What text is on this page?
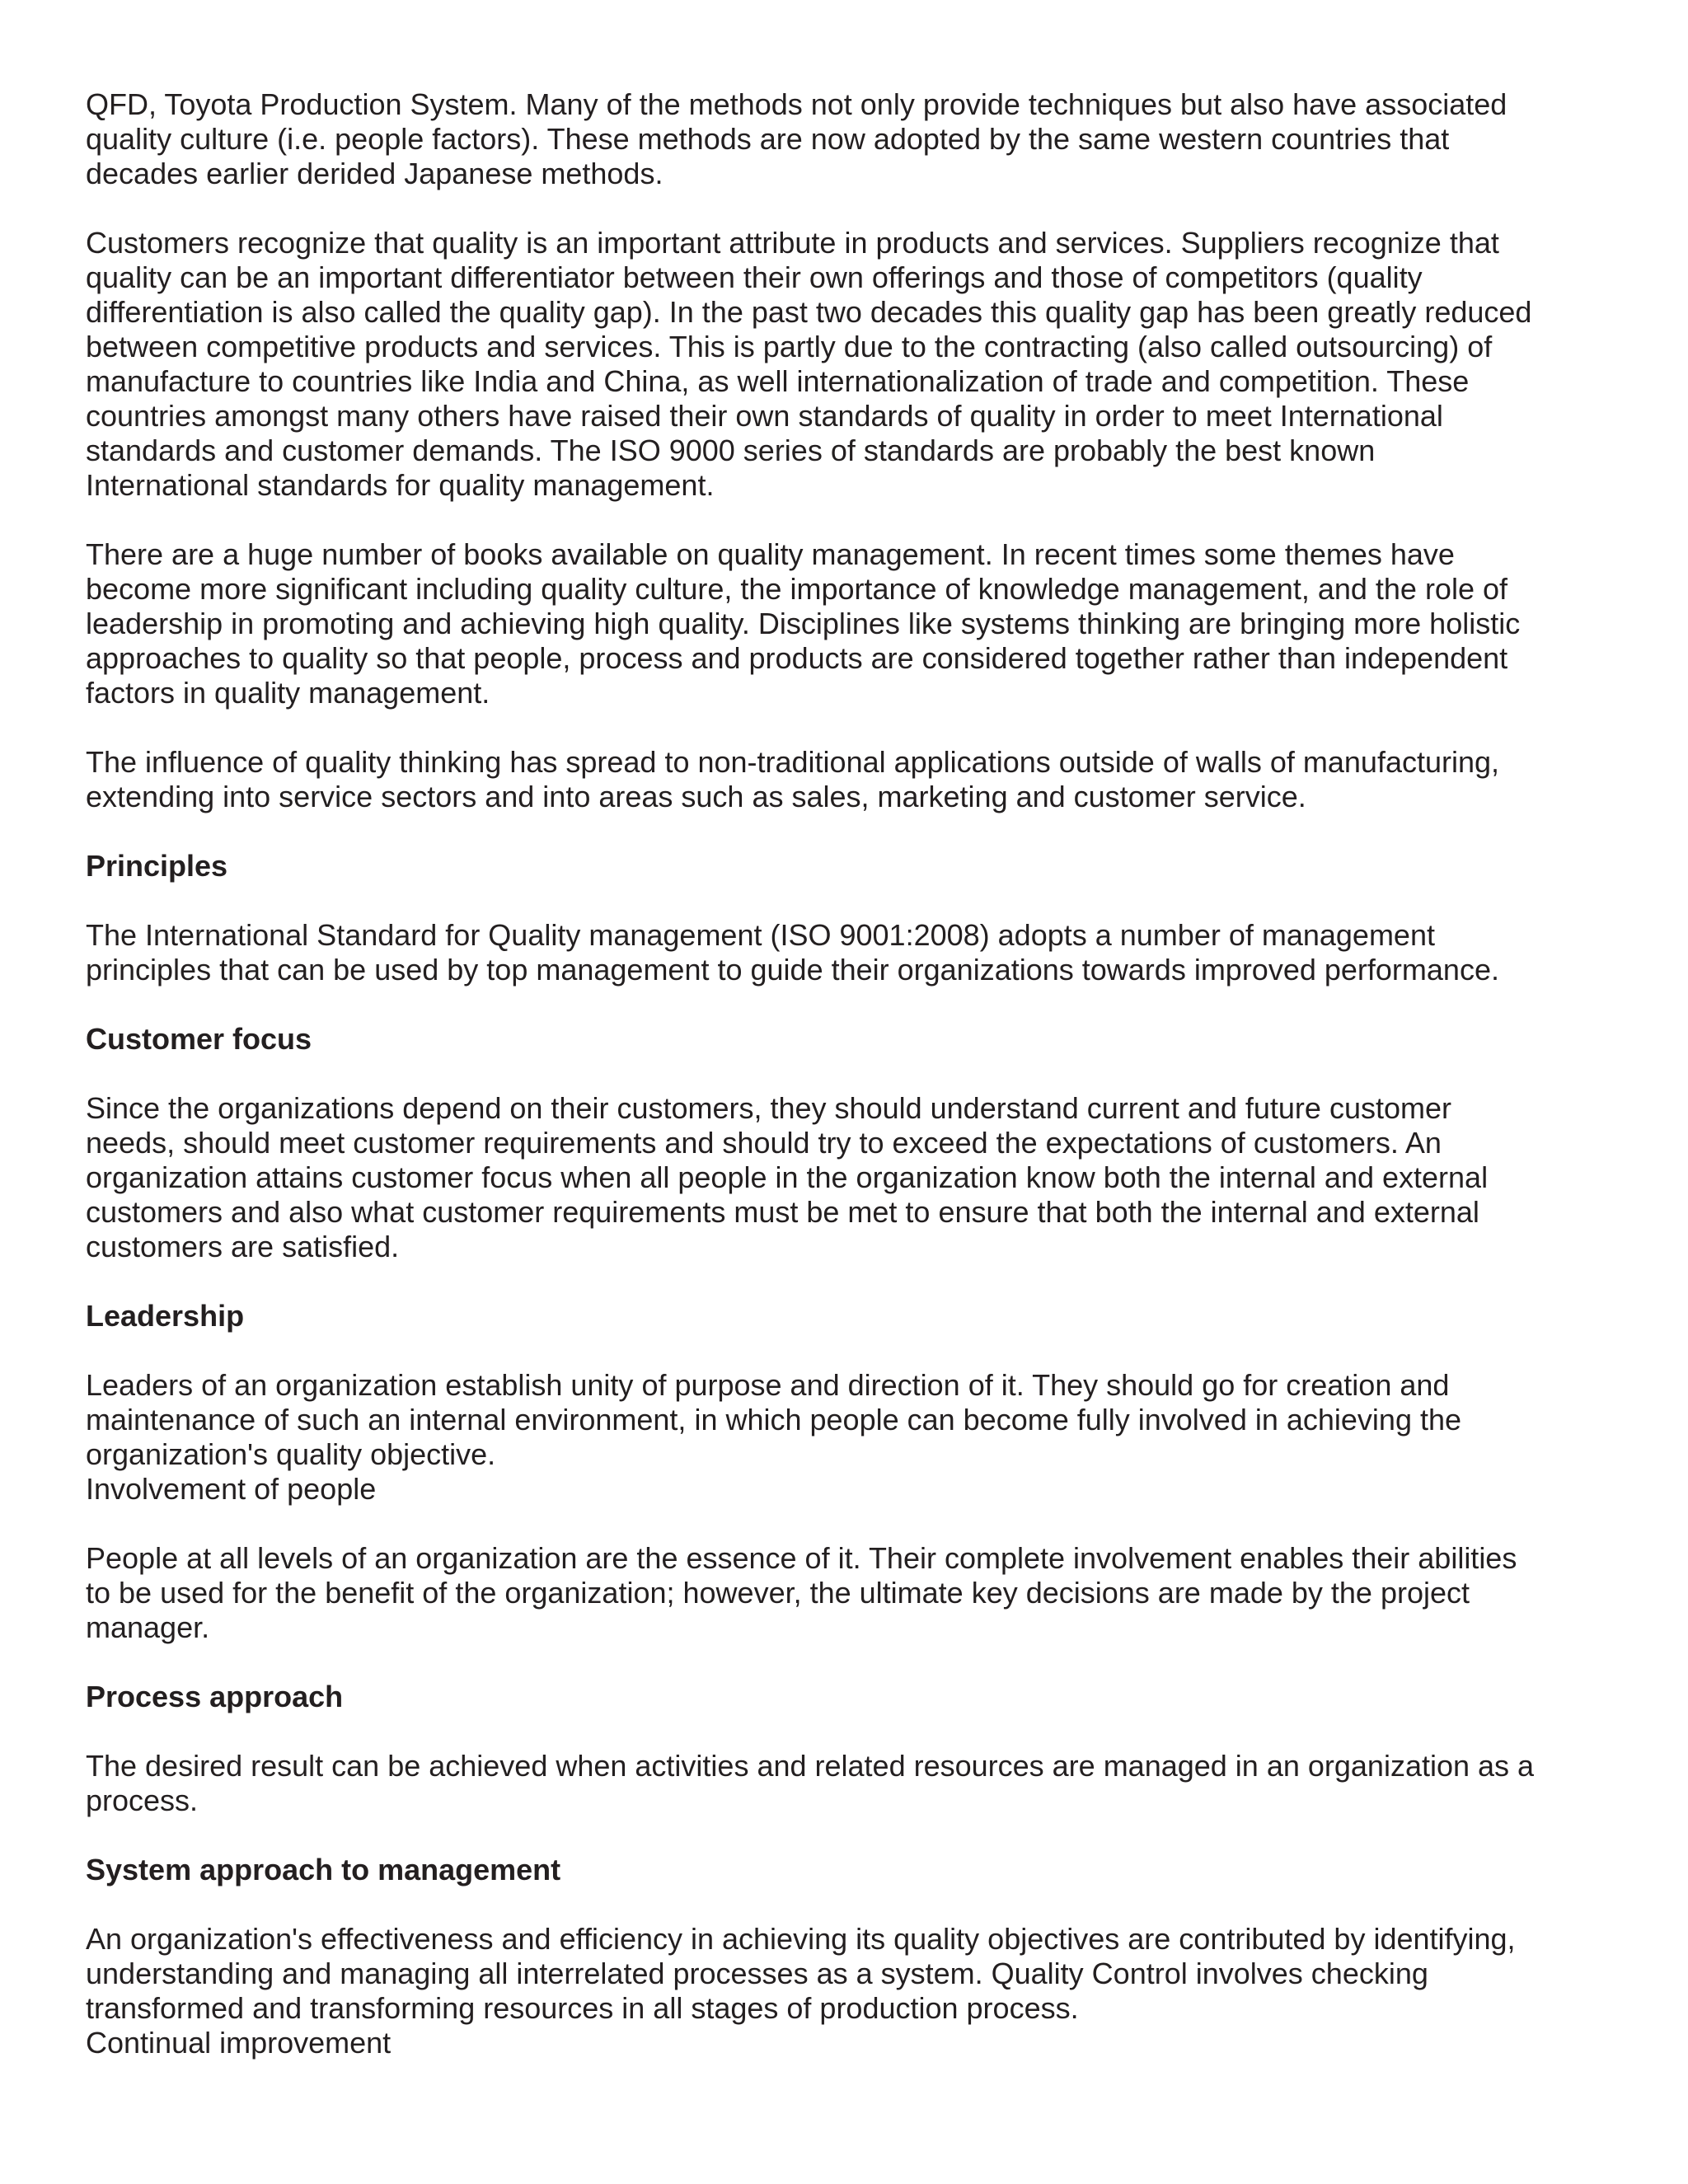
QFD, Toyota Production System. Many of the methods not only provide techniques but also have associated
quality culture (i.e. people factors). These methods are now adopted by the same western countries that
decades earlier derided Japanese methods.
Customers recognize that quality is an important attribute in products and services. Suppliers recognize that
quality can be an important differentiator between their own offerings and those of competitors (quality
differentiation is also called the quality gap). In the past two decades this quality gap has been greatly reduced
between competitive products and services. This is partly due to the contracting (also called outsourcing) of
manufacture to countries like India and China, as well internationalization of trade and competition. These
countries amongst many others have raised their own standards of quality in order to meet International
standards and customer demands. The ISO 9000 series of standards are probably the best known
International standards for quality management.
There are a huge number of books available on quality management. In recent times some themes have
become more significant including quality culture, the importance of knowledge management, and the role of
leadership in promoting and achieving high quality. Disciplines like systems thinking are bringing more holistic
approaches to quality so that people, process and products are considered together rather than independent
factors in quality management.
The influence of quality thinking has spread to non-traditional applications outside of walls of manufacturing,
extending into service sectors and into areas such as sales, marketing and customer service.
Principles
The International Standard for Quality management (ISO 9001:2008) adopts a number of management
principles that can be used by top management to guide their organizations towards improved performance.
Customer focus
Since the organizations depend on their customers, they should understand current and future customer
needs, should meet customer requirements and should try to exceed the expectations of customers. An
organization attains customer focus when all people in the organization know both the internal and external
customers and also what customer requirements must be met to ensure that both the internal and external
customers are satisfied.
Leadership
Leaders of an organization establish unity of purpose and direction of it. They should go for creation and
maintenance of such an internal environment, in which people can become fully involved in achieving the
organization's quality objective.
Involvement of people
People at all levels of an organization are the essence of it. Their complete involvement enables their abilities
to be used for the benefit of the organization; however, the ultimate key decisions are made by the project
manager.
Process approach
The desired result can be achieved when activities and related resources are managed in an organization as a
process.
System approach to management
An organization's effectiveness and efficiency in achieving its quality objectives are contributed by identifying,
understanding and managing all interrelated processes as a system. Quality Control involves checking
transformed and transforming resources in all stages of production process.
Continual improvement
